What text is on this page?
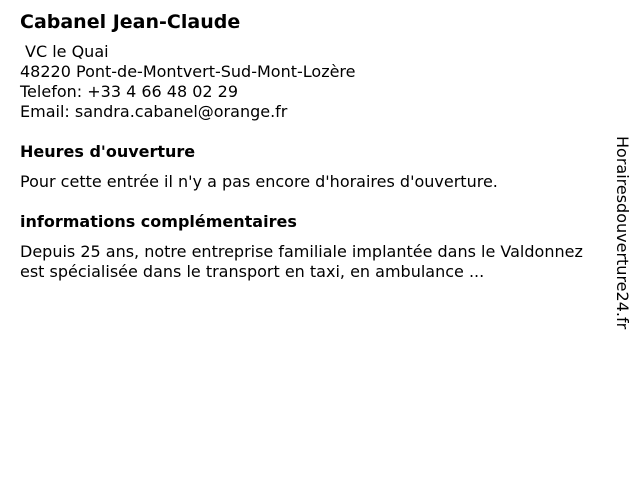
Cabanel Jean-Claude
VC le Quai
48220 Pont-de-Montvert-Sud-Mont-Lozère
Telefon: +33 4 66 48 02 29
Email: sandra.cabanel@orange.fr
Heures d'ouverture
Pour cette entrée il n'y a pas encore d'horaires d'ouverture.
informations complémentaires
Depuis 25 ans, notre entreprise familiale implantée dans le Valdonnez est spécialisée dans le transport en taxi, en ambulance ...	Horairesdouverture24.fr
